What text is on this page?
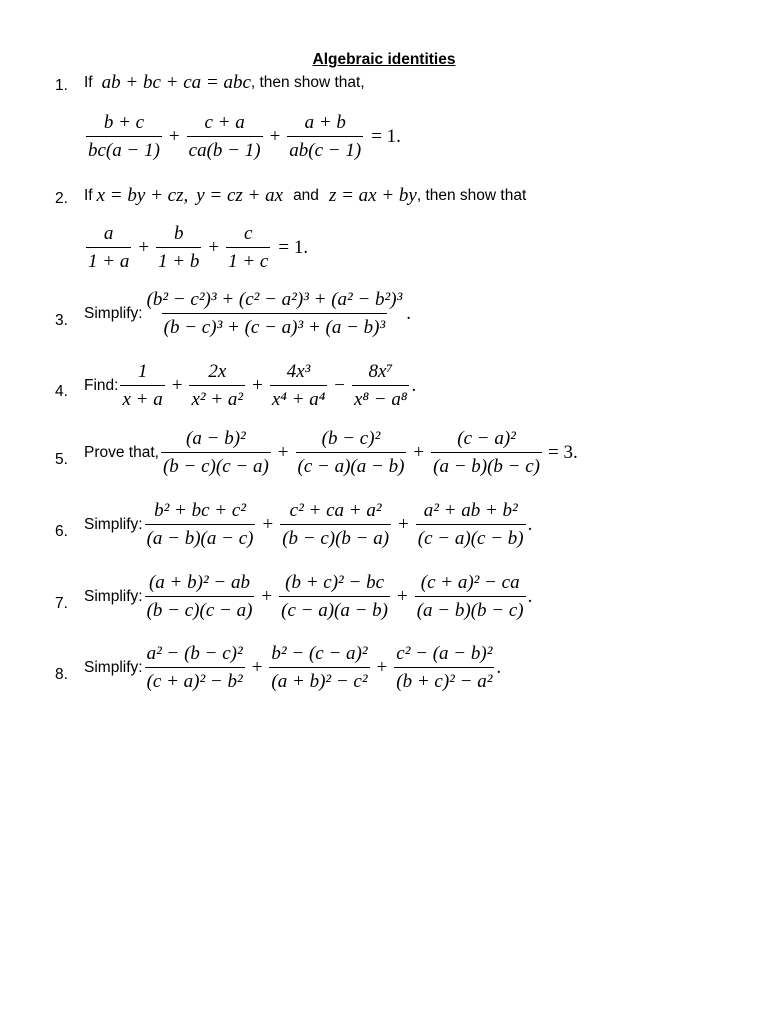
Algebraic identities
1. If ab + bc + ca = abc , then show that,
$\frac{b + c}{bc(a - 1)} + \frac{c + a}{ca(b - 1)} + \frac{a + b}{ab(c - 1)} = 1$.
2. If x = by + cz, y = cz + ax and z = ax + by , then show that
$\frac{a}{1 + a} + \frac{b}{1 + b} + \frac{c}{1 + c} = 1$.
3. Simplify: $\frac{\text{(b² − c²)³ + (c² − a²)³ + (a² − b²)³}}{\text{(b − c)³ + (c − a)³ + (a − b)³}}$ .
4. Find: $\frac{1}{x + a} + \frac{2x}{\text{x² + a²}} + \frac{\text{4x³}}{\text{x⁴ + a⁴}} - \frac{\text{8x⁷}}{\text{x⁸ − a⁸}}$ .
5. Prove that, $\frac{\text{(a − b)²}}{(b - c)(c - a)} + \frac{\text{(b − c)²}}{(c - a)(a - b)} + \frac{\text{(c − a)²}}{(a - b)(b - c)} = 3$.
6. Simplify: $\frac{\text{b² + bc + c²}}{(a - b)(a - c)} + \frac{\text{c² + ca + a²}}{(b - c)(b - a)} + \frac{\text{a² + ab + b²}}{(c - a)(c - b)}$ .
7. Simplify: $\frac{\text{(a + b)² − ab}}{(b - c)(c - a)} + \frac{\text{(b + c)² − bc}}{(c - a)(a - b)} + \frac{\text{(c + a)² − ca}}{(a - b)(b - c)}$ .
8. Simplify: $\frac{\text{a² − (b − c)²}}{\text{(c + a)² − b²}} + \frac{\text{b² − (c − a)²}}{\text{(a + b)² − c²}} + \frac{\text{c² − (a − b)²}}{\text{(b + c)² − a²}}$ .
